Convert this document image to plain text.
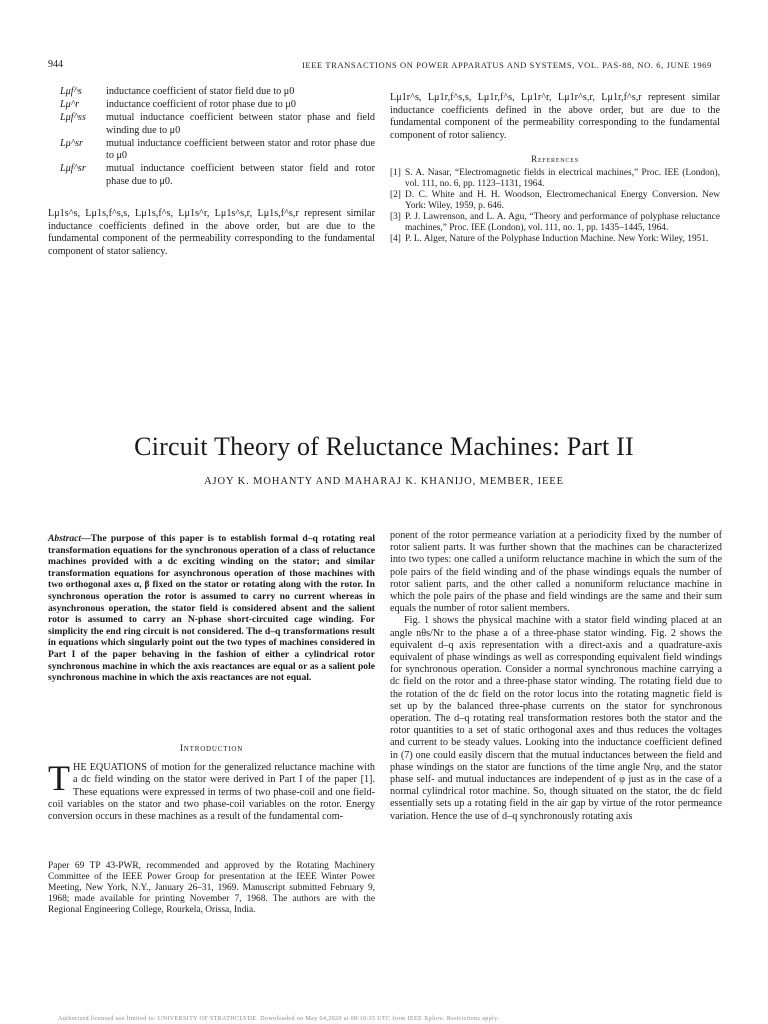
944	IEEE TRANSACTIONS ON POWER APPARATUS AND SYSTEMS, VOL. PAS-88, NO. 6, JUNE 1969
Lμf^s	inductance coefficient of stator field due to μ0
Lμ^r	inductance coefficient of rotor phase due to μ0
Lμf^ss	mutual inductance coefficient between stator phase and field winding due to μ0
Lμ^sr	mutual inductance coefficient between stator and rotor phase due to μ0
Lμf^sr	mutual inductance coefficient between stator field and rotor phase due to μ0.
Lμ1s^s, Lμ1s,f^s,s, Lμ1s,f^s, Lμ1s^r, Lμ1s^s,r, Lμ1s,f^s,r represent similar inductance coefficients defined in the above order, but are due to the fundamental component of the permeability corresponding to the fundamental component of stator saliency.
Lμ1r^s, Lμ1r,f^s,s, Lμ1r,f^s, Lμ1r^r, Lμ1r^s,r, Lμ1r,f^s,r represent similar inductance coefficients defined in the above order, but are due to the fundamental component of the permeability corresponding to the fundamental component of rotor saliency.
References
[1] S. A. Nasar, “Electromagnetic fields in electrical machines,” Proc. IEE (London), vol. 111, no. 6, pp. 1123–1131, 1964.
[2] D. C. White and H. H. Woodson, Electromechanical Energy Conversion. New York: Wiley, 1959, p. 646.
[3] P. J. Lawrenson, and L. A. Agu, “Theory and performance of polyphase reluctance machines,” Proc. IEE (London), vol. 111, no. 1, pp. 1435–1445, 1964.
[4] P. L. Alger, Nature of the Polyphase Induction Machine. New York: Wiley, 1951.
Circuit Theory of Reluctance Machines: Part II
AJOY K. MOHANTY AND MAHARAJ K. KHANIJO, MEMBER, IEEE
Abstract—The purpose of this paper is to establish formal d–q rotating real transformation equations for the synchronous operation of a class of reluctance machines provided with a dc exciting winding on the stator; and similar transformation equations for asynchronous operation of those machines with two orthogonal axes α, β fixed on the stator or rotating along with the rotor. In synchronous operation the rotor is assumed to carry no current whereas in asynchronous operation, the stator field is considered absent and the salient rotor is assumed to carry an N-phase short-circuited cage winding. For simplicity the end ring circuit is not considered. The d–q transformations result in equations which singularly point out the two types of machines considered in Part I of the paper behaving in the fashion of either a cylindrical rotor synchronous machine in which the axis reactances are equal or as a salient pole synchronous machine in which the axis reactances are not equal.
Introduction
THE EQUATIONS of motion for the generalized reluctance machine with a dc field winding on the stator were derived in Part I of the paper [1]. These equations were expressed in terms of two phase-coil and one field-coil variables on the stator and two phase-coil variables on the rotor. Energy conversion occurs in these machines as a result of the fundamental com-
Paper 69 TP 43-PWR, recommended and approved by the Rotating Machinery Committee of the IEEE Power Group for presentation at the IEEE Winter Power Meeting, New York, N.Y., January 26–31, 1969. Manuscript submitted February 9, 1968; made available for printing November 7, 1968. The authors are with the Regional Engineering College, Rourkela, Orissa, India.

ponent of the rotor permeance variation at a periodicity fixed by the number of rotor salient parts. It was further shown that the machines can be characterized into two types: one called a uniform reluctance machine in which the sum of the pole pairs of the field winding and of the phase windings equals the number of rotor salient parts, and the other called a nonuniform reluctance machine in which the pole pairs of the phase and field windings are the same and their sum equals the number of rotor salient members.

Fig. 1 shows the physical machine with a stator field winding placed at an angle nθs/Nr to the phase a of a three-phase stator winding. Fig. 2 shows the equivalent d–q axis representation with a direct-axis and a quadrature-axis equivalent of phase windings as well as corresponding equivalent field windings for synchronous operation. Consider a normal synchronous machine carrying a dc field on the rotor and a three-phase stator winding. The rotating field due to the rotation of the dc field on the rotor locus into the rotating magnetic field is set up by the balanced three-phase currents on the stator for synchronous operation. The d–q rotating real transformation restores both the stator and the rotor quantities to a set of static orthogonal axes and thus reduces the voltages and current to be steady values. Looking into the inductance coefficient defined in (7) one could easily discern that the mutual inductances between the field and phase windings on the stator are functions of the time angle Nrφ, and the stator phase self- and mutual inductances are independent of φ just as in the case of a normal cylindrical rotor machine. So, though situated on the stator, the dc field essentially sets up a rotating field in the air gap by virtue of the rotor permeance variation. Hence the use of d–q synchronously rotating axis

Authorized licensed use limited to: UNIVERSITY OF STRATHCLYDE. Downloaded on May 04,2020 at 08:10:35 UTC from IEEE Xplore. Restrictions apply.
